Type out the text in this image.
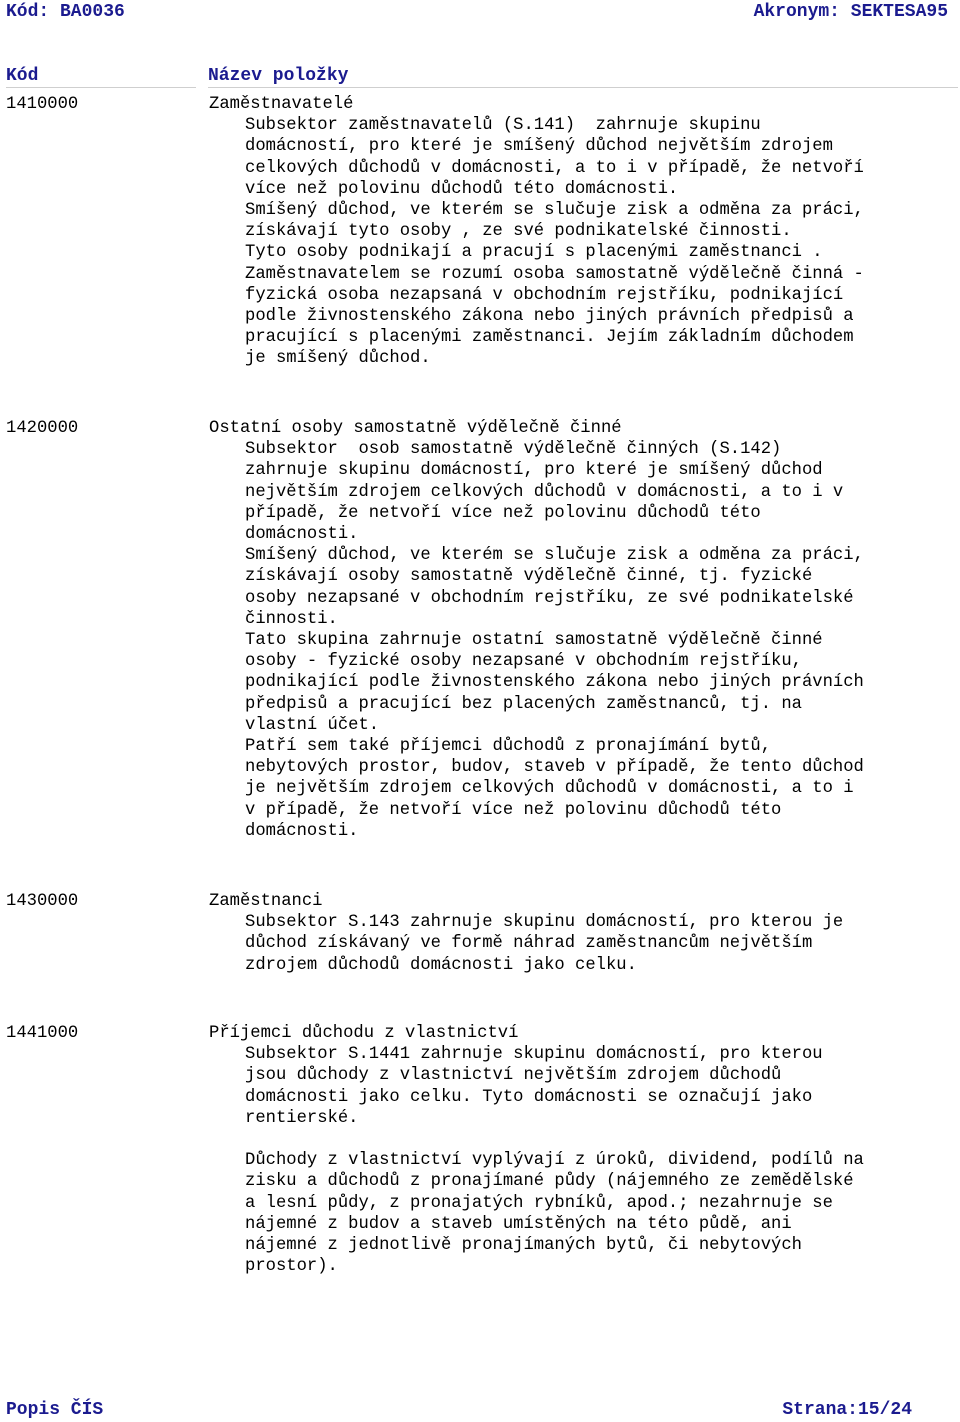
Kód: BA0036	Akronym: SEKTESA95
Kód	Název položky
1410000	Zaměstnavatelé
Subsektor zaměstnavatelů (S.141)  zahrnuje skupinu
domácností, pro které je smíšený důchod největším zdrojem
celkových důchodů v domácnosti, a to i v případě, že netvoří
více než polovinu důchodů této domácnosti.
Smíšený důchod, ve kterém se slučuje zisk a odměna za práci,
získávají tyto osoby , ze své podnikatelské činnosti.
Tyto osoby podnikají a pracují s placenými zaměstnanci .
Zaměstnavatelem se rozumí osoba samostatně výdělečně činná -
fyzická osoba nezapsaná v obchodním rejstříku, podnikající
podle živnostenského zákona nebo jiných právních předpisů a
pracující s placenými zaměstnanci. Jejím základním důchodem
je smíšený důchod.
1420000	Ostatní osoby samostatně výdělečně činné
Subsektor  osob samostatně výdělečně činných (S.142)
zahrnuje skupinu domácností, pro které je smíšený důchod
největším zdrojem celkových důchodů v domácnosti, a to i v
případě, že netvoří více než polovinu důchodů této
domácnosti.
Smíšený důchod, ve kterém se slučuje zisk a odměna za práci,
získávají osoby samostatně výdělečně činné, tj. fyzické
osoby nezapsané v obchodním rejstříku, ze své podnikatelské
činnosti.
Tato skupina zahrnuje ostatní samostatně výdělečně činné
osoby - fyzické osoby nezapsané v obchodním rejstříku,
podnikající podle živnostenského zákona nebo jiných právních
předpisů a pracující bez placených zaměstnanců, tj. na
vlastní účet.
Patří sem také příjemci důchodů z pronajímání bytů,
nebytových prostor, budov, staveb v případě, že tento důchod
je největším zdrojem celkových důchodů v domácnosti, a to i
v případě, že netvoří více než polovinu důchodů této
domácnosti.
1430000	Zaměstnanci
Subsektor S.143 zahrnuje skupinu domácností, pro kterou je
důchod získávaný ve formě náhrad zaměstnancům největším
zdrojem důchodů domácnosti jako celku.
1441000	Příjemci důchodu z vlastnictví
Subsektor S.1441 zahrnuje skupinu domácností, pro kterou
jsou důchody z vlastnictví největším zdrojem důchodů
domácnosti jako celku. Tyto domácnosti se označují jako
rentierské.

Důchody z vlastnictví vyplývají z úroků, dividend, podílů na
zisku a důchodů z pronajímané půdy (nájemného ze zemědělské
a lesní půdy, z pronajatých rybníků, apod.; nezahrnuje se
nájemné z budov a staveb umístěných na této půdě, ani
nájemné z jednotlivě pronajímaných bytů, či nebytových
prostor).
Popis ČÍS	Strana:15/24
